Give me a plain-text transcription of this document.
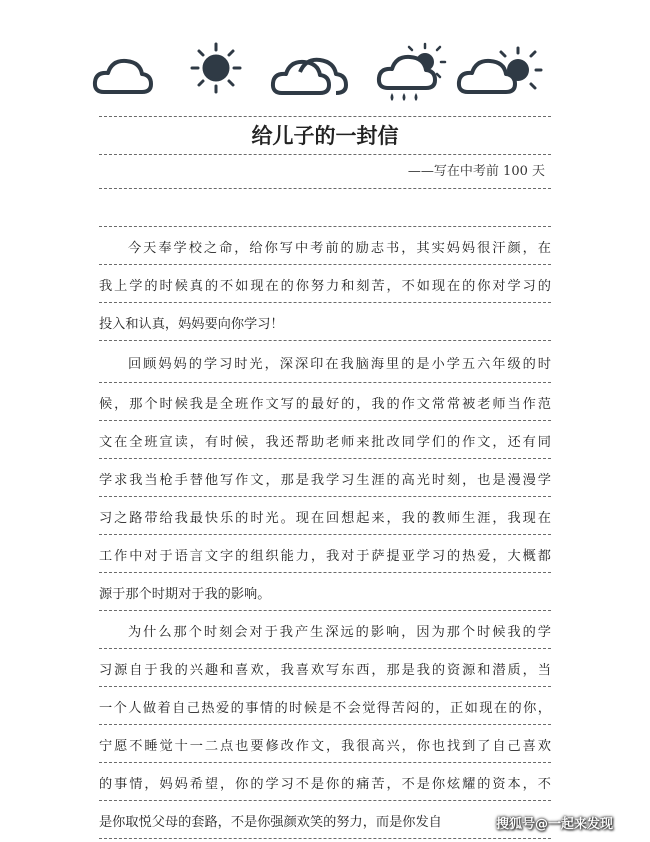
给儿子的一封信
——写在中考前 100 天
今天奉学校之命，给你写中考前的励志书，其实妈妈很汗颜，在
我上学的时候真的不如现在的你努力和刻苦，不如现在的你对学习的
投入和认真，妈妈要向你学习！
回顾妈妈的学习时光，深深印在我脑海里的是小学五六年级的时
候，那个时候我是全班作文写的最好的，我的作文常常被老师当作范
文在全班宣读，有时候，我还帮助老师来批改同学们的作文，还有同
学求我当枪手替他写作文，那是我学习生涯的高光时刻，也是漫漫学
习之路带给我最快乐的时光。现在回想起来，我的教师生涯，我现在
工作中对于语言文字的组织能力，我对于萨提亚学习的热爱，大概都
源于那个时期对于我的影响。
为什么那个时刻会对于我产生深远的影响，因为那个时候我的学
习源自于我的兴趣和喜欢，我喜欢写东西，那是我的资源和潜质，当
一个人做着自己热爱的事情的时候是不会觉得苦闷的，正如现在的你，
宁愿不睡觉十一二点也要修改作文，我很高兴，你也找到了自己喜欢
的事情，妈妈希望，你的学习不是你的痛苦，不是你炫耀的资本，不
是你取悦父母的套路，不是你强颜欢笑的努力，而是你发自	搜狐号@一起来发现
